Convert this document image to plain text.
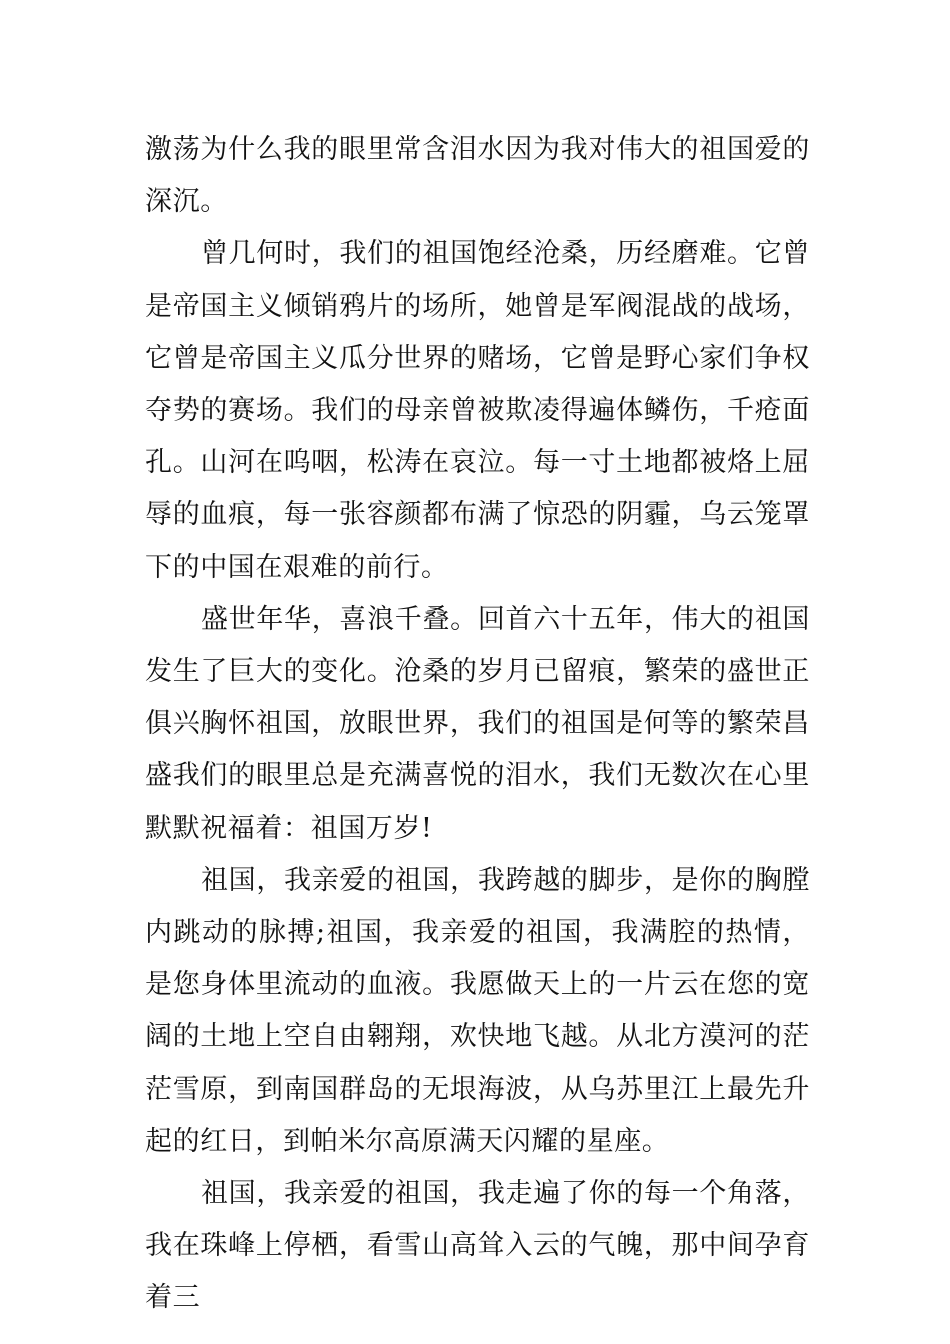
激荡为什么我的眼里常含泪水因为我对伟大的祖国爱的深沉。

曾几何时，我们的祖国饱经沧桑，历经磨难。它曾是帝国主义倾销鸦片的场所，她曾是军阀混战的战场，它曾是帝国主义瓜分世界的赌场，它曾是野心家们争权夺势的赛场。我们的母亲曾被欺凌得遍体鳞伤，千疮面孔。山河在呜咽，松涛在哀泣。每一寸土地都被烙上屈辱的血痕，每一张容颜都布满了惊恐的阴霾，乌云笼罩下的中国在艰难的前行。

盛世年华，喜浪千叠。回首六十五年，伟大的祖国发生了巨大的变化。沧桑的岁月已留痕，繁荣的盛世正俱兴胸怀祖国，放眼世界，我们的祖国是何等的繁荣昌盛我们的眼里总是充满喜悦的泪水，我们无数次在心里默默祝福着：祖国万岁!

祖国，我亲爱的祖国，我跨越的脚步，是你的胸膛内跳动的脉搏;祖国，我亲爱的祖国，我满腔的热情，是您身体里流动的血液。我愿做天上的一片云在您的宽阔的土地上空自由翱翔，欢快地飞越。从北方漠河的茫茫雪原，到南国群岛的无垠海波，从乌苏里江上最先升起的红日，到帕米尔高原满天闪耀的星座。

祖国，我亲爱的祖国，我走遍了你的每一个角落，我在珠峰上停栖，看雪山高耸入云的气魄，那中间孕育着三
